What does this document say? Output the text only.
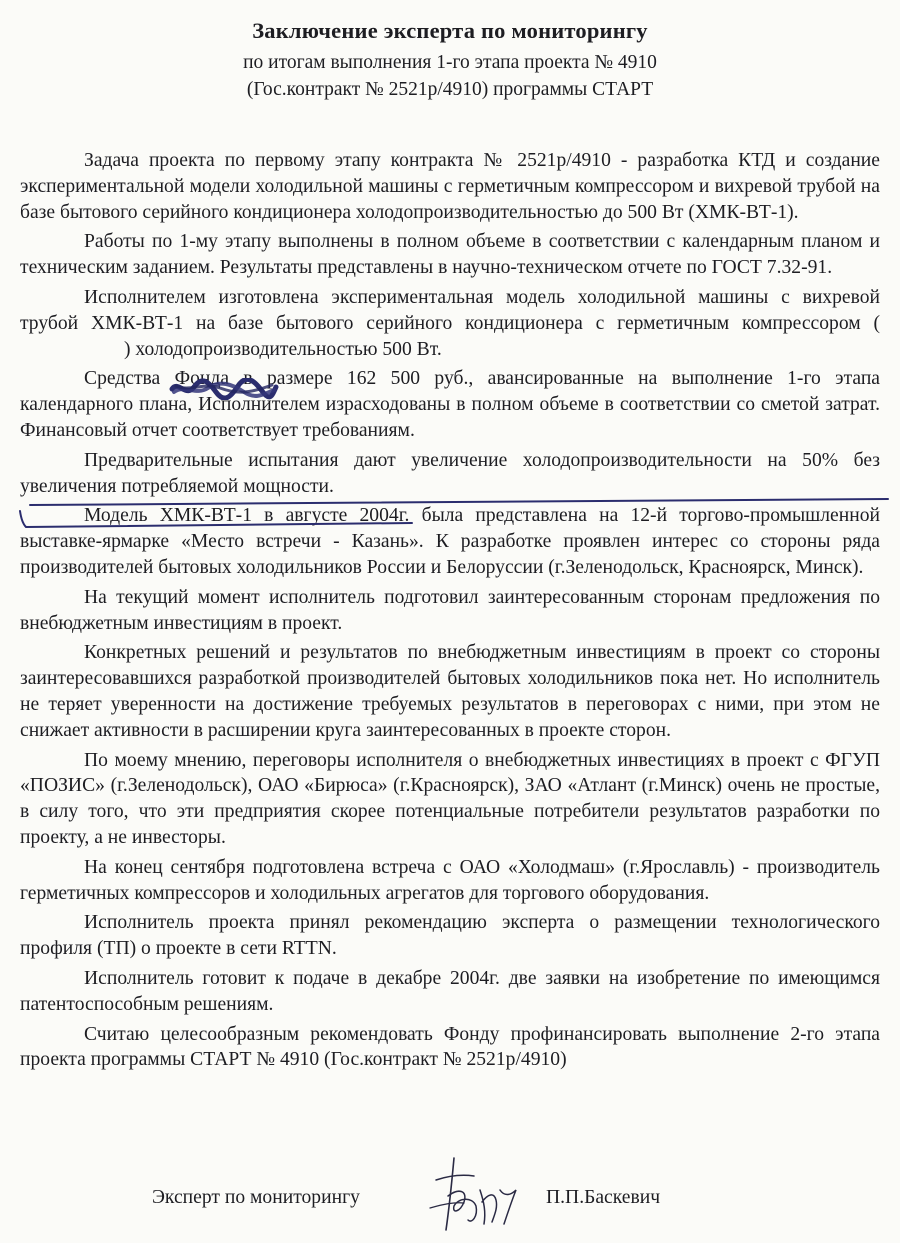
Заключение эксперта по мониторингу
по итогам выполнения 1-го этапа проекта № 4910
(Гос.контракт № 2521р/4910) программы СТАРТ

Задача проекта по первому этапу контракта № 2521р/4910 - разработка КТД и создание экспериментальной модели холодильной машины с герметичным компрессором и вихревой трубой на базе бытового серийного кондиционера холодопроизводительностью до 500 Вт (ХМК-ВТ-1).

Работы по 1-му этапу выполнены в полном объеме в соответствии с календарным планом и техническим заданием. Результаты представлены в научно-техническом отчете по ГОСТ 7.32-91.

Исполнителем изготовлена экспериментальная модель холодильной машины с вихревой трубой ХМК-ВТ-1 на базе бытового серийного кондиционера с герметичным компрессором () холодопроизводительностью 500 Вт.

Средства Фонда в размере 162 500 руб., авансированные на выполнение 1-го этапа календарного плана, Исполнителем израсходованы в полном объеме в соответствии со сметой затрат. Финансовый отчет соответствует требованиям.

Предварительные испытания дают увеличение холодопроизводительности на 50% без увеличения потребляемой мощности.

Модель ХМК-ВТ-1 в августе 2004г. была представлена на 12-й торгово-промышленной выставке-ярмарке «Место встречи - Казань». К разработке проявлен интерес со стороны ряда производителей бытовых холодильников России и Белоруссии (г.Зеленодольск, Красноярск, Минск).

На текущий момент исполнитель подготовил заинтересованным сторонам предложения по внебюджетным инвестициям в проект.

Конкретных решений и результатов по внебюджетным инвестициям в проект со стороны заинтересовавшихся разработкой производителей бытовых холодильников пока нет. Но исполнитель не теряет уверенности на достижение требуемых результатов в переговорах с ними, при этом не снижает активности в расширении круга заинтересованных в проекте сторон.

По моему мнению, переговоры исполнителя о внебюджетных инвестициях в проект с ФГУП «ПОЗИС» (г.Зеленодольск), ОАО «Бирюса» (г.Красноярск), ЗАО «Атлант (г.Минск) очень не простые, в силу того, что эти предприятия скорее потенциальные потребители результатов разработки по проекту, а не инвесторы.

На конец сентября подготовлена встреча с ОАО «Холодмаш» (г.Ярославль) - производитель герметичных компрессоров и холодильных агрегатов для торгового оборудования.

Исполнитель проекта принял рекомендацию эксперта о размещении технологического профиля (ТП) о проекте в сети RTTN.

Исполнитель готовит к подаче в декабре 2004г. две заявки на изобретение по имеющимся патентоспособным решениям.

Считаю целесообразным рекомендовать Фонду профинансировать выполнение 2-го этапа проекта программы СТАРТ № 4910 (Гос.контракт № 2521р/4910)

Эксперт по мониторингу	П.П.Баскевич
